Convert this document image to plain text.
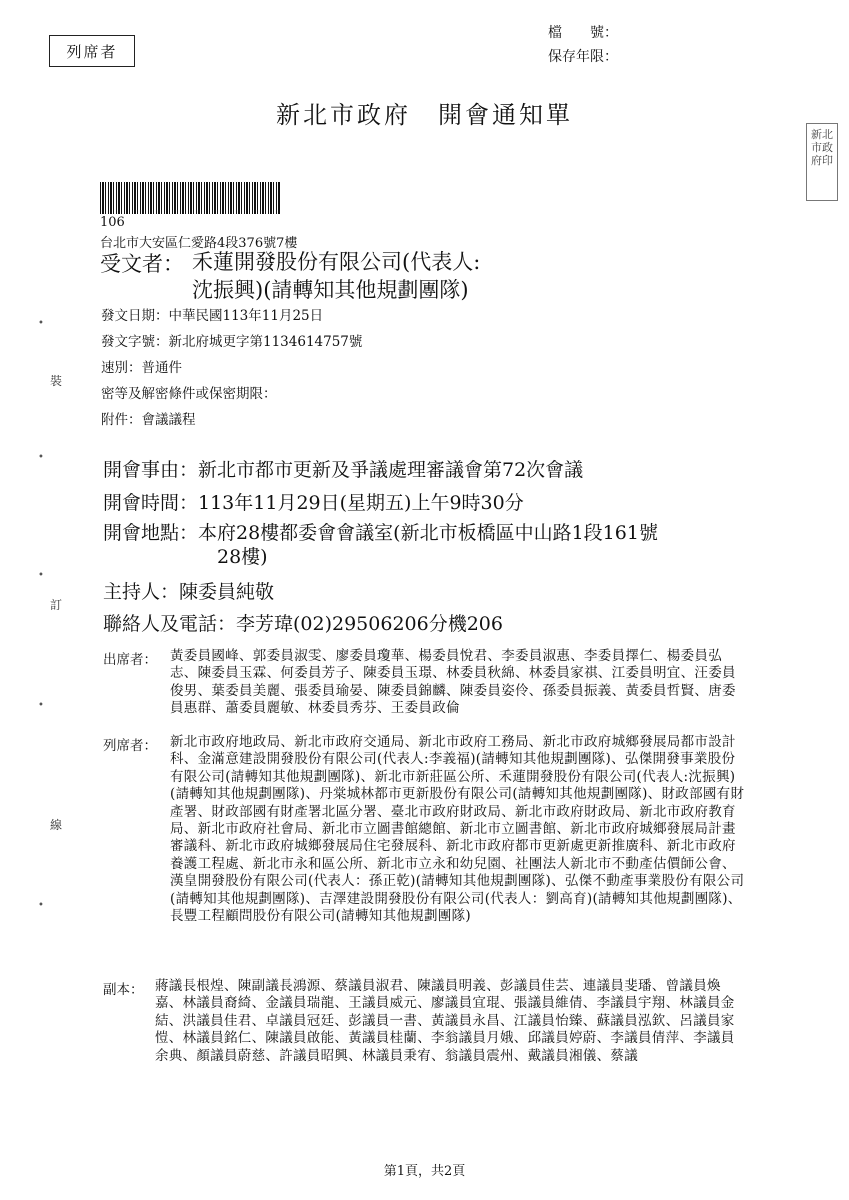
列席者
檔　　號：
保存年限：
新北市政府　開會通知單
新北市政府印
106
台北市大安區仁愛路4段376號7樓
受文者： 禾蓮開發股份有限公司(代表人:
沈振興)(請轉知其他規劃團隊)
發文日期：中華民國113年11月25日
發文字號：新北府城更字第1134614757號
速別：普通件
密等及解密條件或保密期限：
附件：會議議程
開會事由：新北市都市更新及爭議處理審議會第72次會議
開會時間：113年11月29日(星期五)上午9時30分
開會地點：本府28樓都委會會議室(新北市板橋區中山路1段161號
28樓)
主持人：陳委員純敬
聯絡人及電話：李芳瑋(02)29506206分機206
出席者： 黃委員國峰、郭委員淑雯、廖委員瓊華、楊委員悅君、李委員淑惠、李委員擇仁、楊委員弘志、陳委員玉霖、何委員芳子、陳委員玉璟、林委員秋綿、林委員家祺、江委員明宜、汪委員俊男、葉委員美麗、張委員瑜晏、陳委員錦麟、陳委員姿伶、孫委員振義、黃委員哲賢、唐委員惠群、蕭委員麗敏、林委員秀芬、王委員政倫
列席者： 新北市政府地政局、新北市政府交通局、新北市政府工務局、新北市政府城鄉發展局都市設計科、金滿意建設開發股份有限公司(代表人:李義福)(請轉知其他規劃團隊)、弘傑開發事業股份有限公司(請轉知其他規劃團隊)、新北市新莊區公所、禾蓮開發股份有限公司(代表人:沈振興)(請轉知其他規劃團隊)、丹棠城林都市更新股份有限公司(請轉知其他規劃團隊)、財政部國有財產署、財政部國有財產署北區分署、臺北市政府財政局、新北市政府財政局、新北市政府教育局、新北市政府社會局、新北市立圖書館總館、新北市立圖書館、新北市政府城鄉發展局計畫審議科、新北市政府城鄉發展局住宅發展科、新北市政府都市更新處更新推廣科、新北市政府養護工程處、新北市永和區公所、新北市立永和幼兒園、社團法人新北市不動產估價師公會、漢皇開發股份有限公司(代表人：孫正乾)(請轉知其他規劃團隊)、弘傑不動產事業股份有限公司(請轉知其他規劃團隊)、吉澤建設開發股份有限公司(代表人：劉高育)(請轉知其他規劃團隊)、長豐工程顧問股份有限公司(請轉知其他規劃團隊)
副本： 蔣議長根煌、陳副議長鴻源、蔡議員淑君、陳議員明義、彭議員佳芸、連議員斐璠、曾議員煥嘉、林議員裔綺、金議員瑞龍、王議員威元、廖議員宜琨、張議員維倩、李議員宇翔、林議員金結、洪議員佳君、卓議員冠廷、彭議員一書、黃議員永昌、江議員怡臻、蘇議員泓欽、呂議員家愷、林議員銘仁、陳議員啟能、黃議員桂蘭、李翁議員月娥、邱議員婷蔚、李議員倩萍、李議員余典、顏議員蔚慈、許議員昭興、林議員秉宥、翁議員震州、戴議員湘儀、蔡議
•
裝
•
•
訂
•
線
•
第1頁，共2頁
